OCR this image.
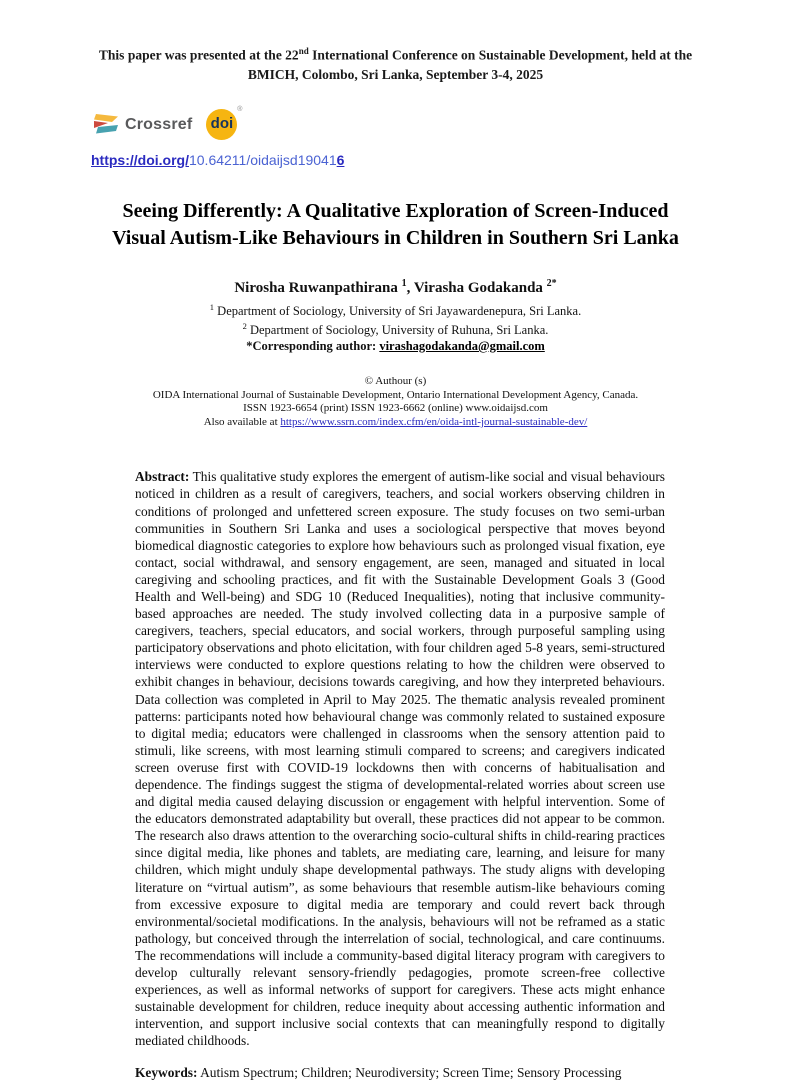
This paper was presented at the 22nd International Conference on Sustainable Development, held at the
BMICH, Colombo, Sri Lanka, September 3-4, 2025
Crossref doi
®
https://doi.org/10.64211/oidaijsd190416
Seeing Differently: A Qualitative Exploration of Screen-Induced
Visual Autism-Like Behaviours in Children in Southern Sri Lanka
Nirosha Ruwanpathirana $^1$, Virasha Godakanda $^{2*}$
$^1$ Department of Sociology, University of Sri Jayawardenepura, Sri Lanka.
$^2$ Department of Sociology, University of Ruhuna, Sri Lanka.
*Corresponding author: virashagodakanda@gmail.com
© Authour (s)
OIDA International Journal of Sustainable Development, Ontario International Development Agency, Canada.
ISSN 1923-6654 (print) ISSN 1923-6662 (online) www.oidaijsd.com
Also available at https://www.ssrn.com/index.cfm/en/oida-intl-journal-sustainable-dev/

Abstract: This qualitative study explores the emergent of autism-like social and visual behaviours noticed in children as a result of caregivers, teachers, and social workers observing children in conditions of prolonged and unfettered screen exposure. The study focuses on two semi-urban communities in Southern Sri Lanka and uses a sociological perspective that moves beyond biomedical diagnostic categories to explore how behaviours such as prolonged visual fixation, eye contact, social withdrawal, and sensory engagement, are seen, managed and situated in local caregiving and schooling practices, and fit with the Sustainable Development Goals 3 (Good Health and Well-being) and SDG 10 (Reduced Inequalities), noting that inclusive community-based approaches are needed. The study involved collecting data in a purposive sample of caregivers, teachers, special educators, and social workers, through purposeful sampling using participatory observations and photo elicitation, with four children aged 5-8 years, semi-structured interviews were conducted to explore questions relating to how the children were observed to exhibit changes in behaviour, decisions towards caregiving, and how they interpreted behaviours. Data collection was completed in April to May 2025. The thematic analysis revealed prominent patterns: participants noted how behavioural change was commonly related to sustained exposure to digital media; educators were challenged in classrooms when the sensory attention paid to stimuli, like screens, with most learning stimuli compared to screens; and caregivers indicated screen overuse first with COVID-19 lockdowns then with concerns of habitualisation and dependence. The findings suggest the stigma of developmental-related worries about screen use and digital media caused delaying discussion or engagement with helpful intervention. Some of the educators demonstrated adaptability but overall, these practices did not appear to be common. The research also draws attention to the overarching socio-cultural shifts in child-rearing practices since digital media, like phones and tablets, are mediating care, learning, and leisure for many children, which might unduly shape developmental pathways. The study aligns with developing literature on “virtual autism”, as some behaviours that resemble autism-like behaviours coming from excessive exposure to digital media are temporary and could revert back through environmental/societal modifications. In the analysis, behaviours will not be reframed as a static pathology, but conceived through the interrelation of social, technological, and care continuums. The recommendations will include a community-based digital literacy program with caregivers to develop culturally relevant sensory-friendly pedagogies, promote screen-free collective experiences, as well as informal networks of support for caregivers. These acts might enhance sustainable development for children, reduce inequity about accessing authentic information and intervention, and support inclusive social contexts that can meaningfully respond to digitally mediated childhoods.

Keywords: Autism Spectrum; Children; Neurodiversity; Screen Time; Sensory Processing
